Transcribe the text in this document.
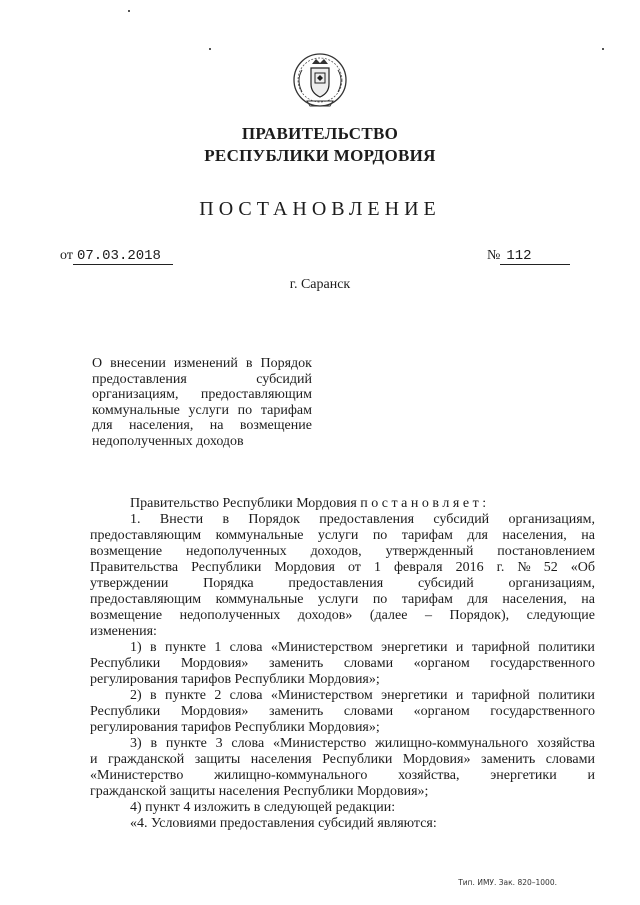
ПРАВИТЕЛЬСТВО
РЕСПУБЛИКИ МОРДОВИЯ
ПОСТАНОВЛЕНИЕ
от 07.03.2018	№ 112
г. Саранск
О внесении изменений в Порядок
предоставления	субсидий
организациям, предоставляющим
коммунальные услуги по тарифам
для населения, на возмещение
недополученных доходов
Правительство Республики Мордовия п о с т а н о в л я е т :
1. Внести в Порядок предоставления субсидий организациям,
предоставляющим коммунальные услуги по тарифам для населения, на
возмещение недополученных доходов, утвержденный постановлением
Правительства Республики Мордовия от 1 февраля 2016 г. № 52 «Об
утверждении Порядка предоставления субсидий организациям,
предоставляющим коммунальные услуги по тарифам для населения, на
возмещение недополученных доходов» (далее – Порядок), следующие
изменения:
1) в пункте 1 слова «Министерством энергетики и тарифной политики
Республики Мордовия» заменить словами «органом государственного
регулирования тарифов Республики Мордовия»;
2) в пункте 2 слова «Министерством энергетики и тарифной политики
Республики Мордовия» заменить словами «органом государственного
регулирования тарифов Республики Мордовия»;
3) в пункте 3 слова «Министерство жилищно-коммунального хозяйства
и гражданской защиты населения Республики Мордовия» заменить словами
«Министерство жилищно-коммунального хозяйства, энергетики и
гражданской защиты населения Республики Мордовия»;
4) пункт 4 изложить в следующей редакции:
«4. Условиями предоставления субсидий являются:
Тип. ИМУ. Зак. 820–1000.
